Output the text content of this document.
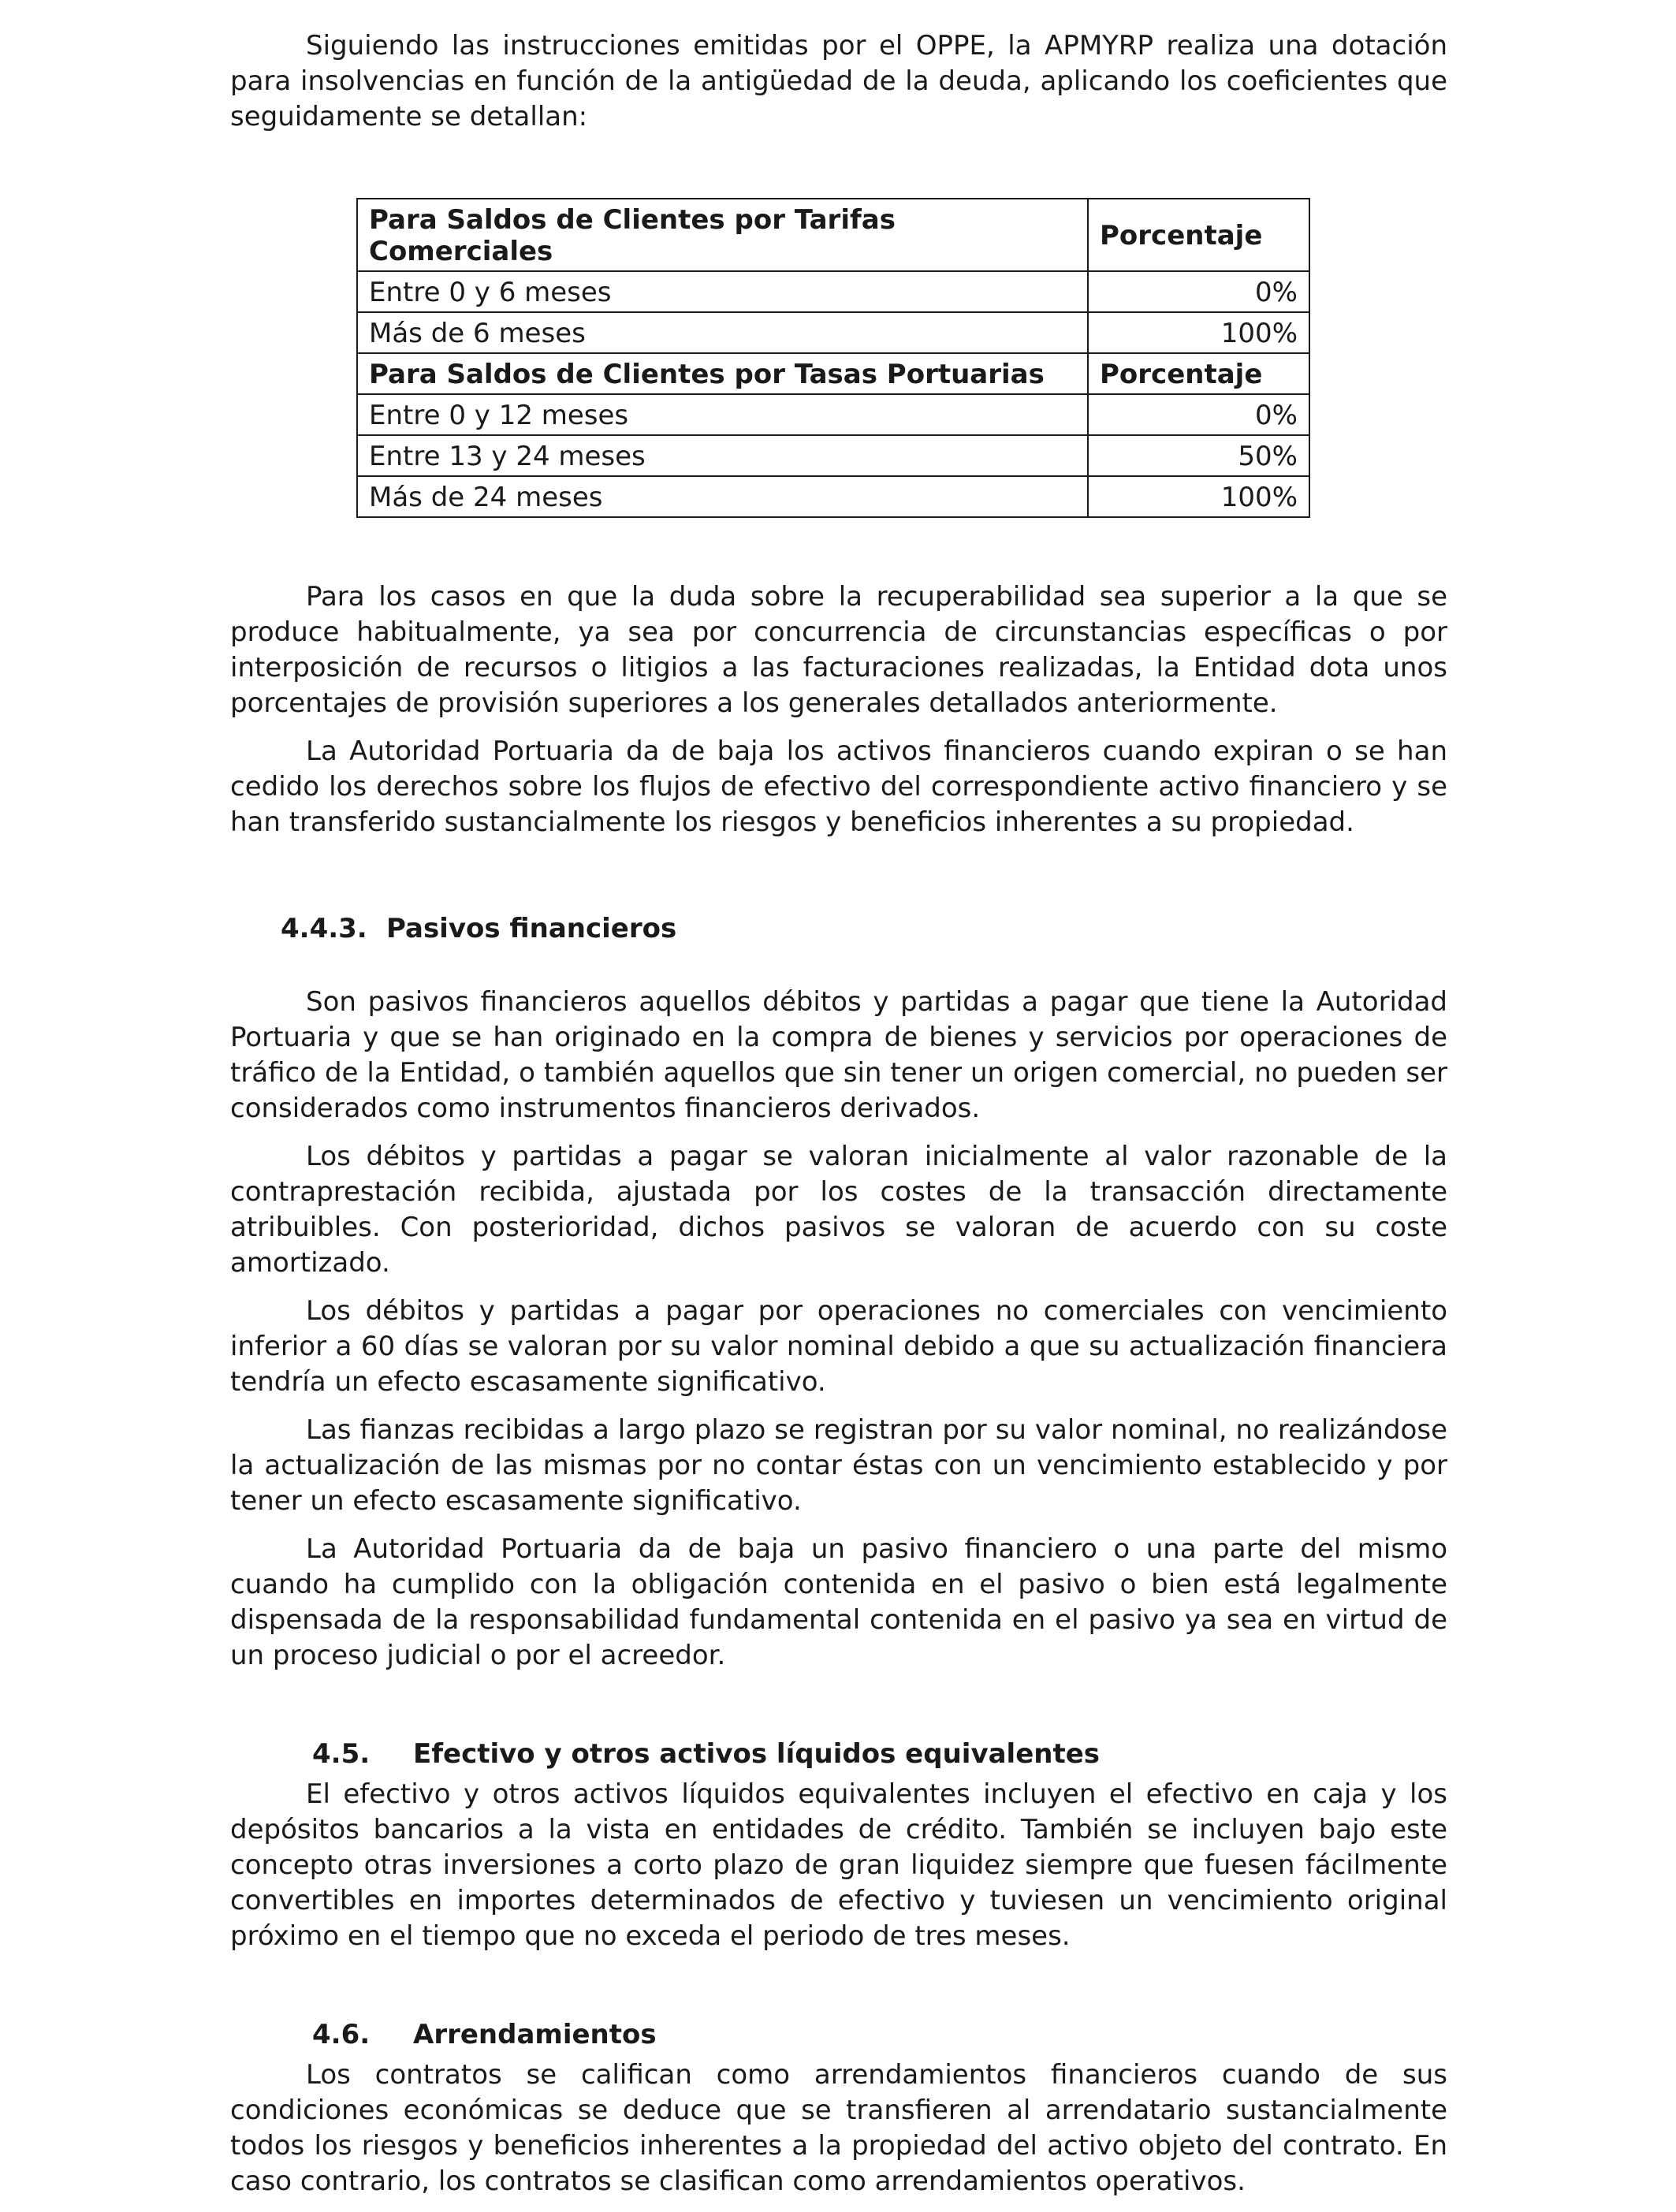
Siguiendo las instrucciones emitidas por el OPPE, la APMYRP realiza una dotación para insolvencias en función de la antigüedad de la deuda, aplicando los coeficientes que seguidamente se detallan:

Para Saldos de Clientes por Tarifas Comerciales	Porcentaje
Entre 0 y 6 meses	0%
Más de 6 meses	100%
Para Saldos de Clientes por Tasas Portuarias	Porcentaje
Entre 0 y 12 meses	0%
Entre 13 y 24 meses	50%
Más de 24 meses	100%

Para los casos en que la duda sobre la recuperabilidad sea superior a la que se produce habitualmente, ya sea por concurrencia de circunstancias específicas o por interposición de recursos o litigios a las facturaciones realizadas, la Entidad dota unos porcentajes de provisión superiores a los generales detallados anteriormente.

La Autoridad Portuaria da de baja los activos financieros cuando expiran o se han cedido los derechos sobre los flujos de efectivo del correspondiente activo financiero y se han transferido sustancialmente los riesgos y beneficios inherentes a su propiedad.

4.4.3. Pasivos financieros

Son pasivos financieros aquellos débitos y partidas a pagar que tiene la Autoridad Portuaria y que se han originado en la compra de bienes y servicios por operaciones de tráfico de la Entidad, o también aquellos que sin tener un origen comercial, no pueden ser considerados como instrumentos financieros derivados.

Los débitos y partidas a pagar se valoran inicialmente al valor razonable de la contraprestación recibida, ajustada por los costes de la transacción directamente atribuibles. Con posterioridad, dichos pasivos se valoran de acuerdo con su coste amortizado.

Los débitos y partidas a pagar por operaciones no comerciales con vencimiento inferior a 60 días se valoran por su valor nominal debido a que su actualización financiera tendría un efecto escasamente significativo.

Las fianzas recibidas a largo plazo se registran por su valor nominal, no realizándose la actualización de las mismas por no contar éstas con un vencimiento establecido y por tener un efecto escasamente significativo.

La Autoridad Portuaria da de baja un pasivo financiero o una parte del mismo cuando ha cumplido con la obligación contenida en el pasivo o bien está legalmente dispensada de la responsabilidad fundamental contenida en el pasivo ya sea en virtud de un proceso judicial o por el acreedor.

4.5.	Efectivo y otros activos líquidos equivalentes

El efectivo y otros activos líquidos equivalentes incluyen el efectivo en caja y los depósitos bancarios a la vista en entidades de crédito. También se incluyen bajo este concepto otras inversiones a corto plazo de gran liquidez siempre que fuesen fácilmente convertibles en importes determinados de efectivo y tuviesen un vencimiento original próximo en el tiempo que no exceda el periodo de tres meses.

4.6.	Arrendamientos

Los contratos se califican como arrendamientos financieros cuando de sus condiciones económicas se deduce que se transfieren al arrendatario sustancialmente todos los riesgos y beneficios inherentes a la propiedad del activo objeto del contrato. En caso contrario, los contratos se clasifican como arrendamientos operativos.
